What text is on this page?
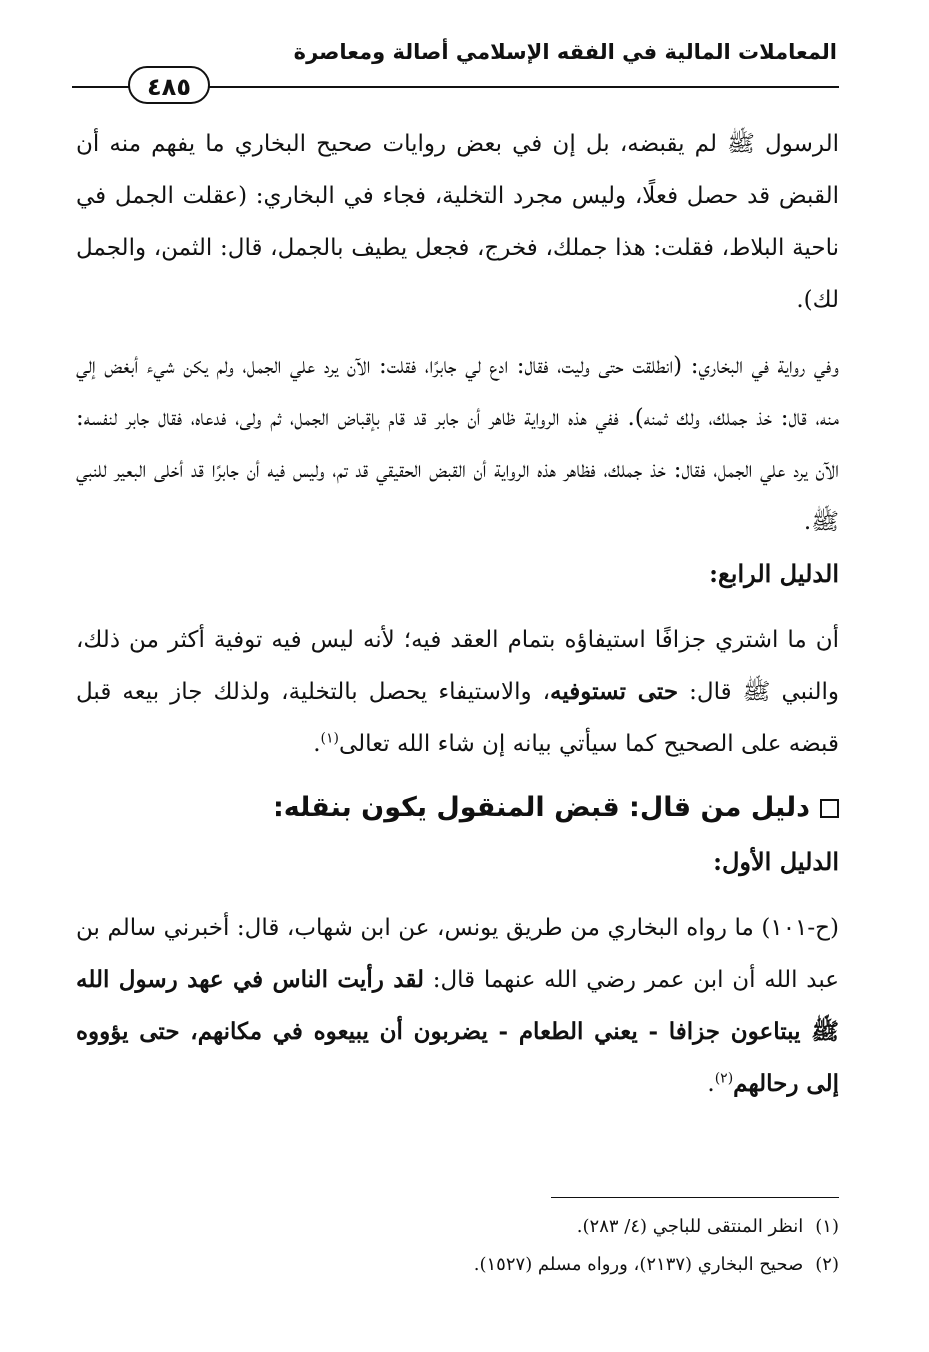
المعاملات المالية في الفقه الإسلامي أصالة ومعاصرة
٤٨٥

الرسول ﷺ لم يقبضه، بل إن في بعض روايات صحيح البخاري ما يفهم منه أن القبض قد حصل فعلًا، وليس مجرد التخلية، فجاء في البخاري: (عقلت الجمل في ناحية البلاط، فقلت: هذا جملك، فخرج، فجعل يطيف بالجمل، قال: الثمن، والجمل لك).

وفي رواية في البخاري: (انطلقت حتى وليت، فقال: ادع لي جابرًا، فقلت: الآن يرد علي الجمل، ولم يكن شيء أبغض إلي منه، قال: خذ جملك، ولك ثمنه). ففي هذه الرواية ظاهر أن جابر قد قام بإقباض الجمل، ثم ولى، فدعاه، فقال جابر لنفسه: الآن يرد علي الجمل، فقال: خذ جملك، فظاهر هذه الرواية أن القبض الحقيقي قد تم، وليس فيه أن جابرًا قد أخلى البعير للنبي ﷺ.

الدليل الرابع:

أن ما اشتري جزافًا استيفاؤه بتمام العقد فيه؛ لأنه ليس فيه توفية أكثر من ذلك، والنبي ﷺ قال: حتى تستوفيه، والاستيفاء يحصل بالتخلية، ولذلك جاز بيعه قبل قبضه على الصحيح كما سيأتي بيانه إن شاء الله تعالى$^{(١)}$.

دليل من قال: قبض المنقول يكون بنقله:

الدليل الأول:

(ح-١٠١) ما رواه البخاري من طريق يونس، عن ابن شهاب، قال: أخبرني سالم بن عبد الله أن ابن عمر رضي الله عنهما قال: لقد رأيت الناس في عهد رسول الله ﷺ يبتاعون جزافا - يعني الطعام - يضربون أن يبيعوه في مكانهم، حتى يؤووه إلى رحالهم$^{(٢)}$.

(١)انظر المنتقى للباجي (٤/ ٢٨٣).

(٢)صحيح البخاري (٢١٣٧)، ورواه مسلم (١٥٢٧).
